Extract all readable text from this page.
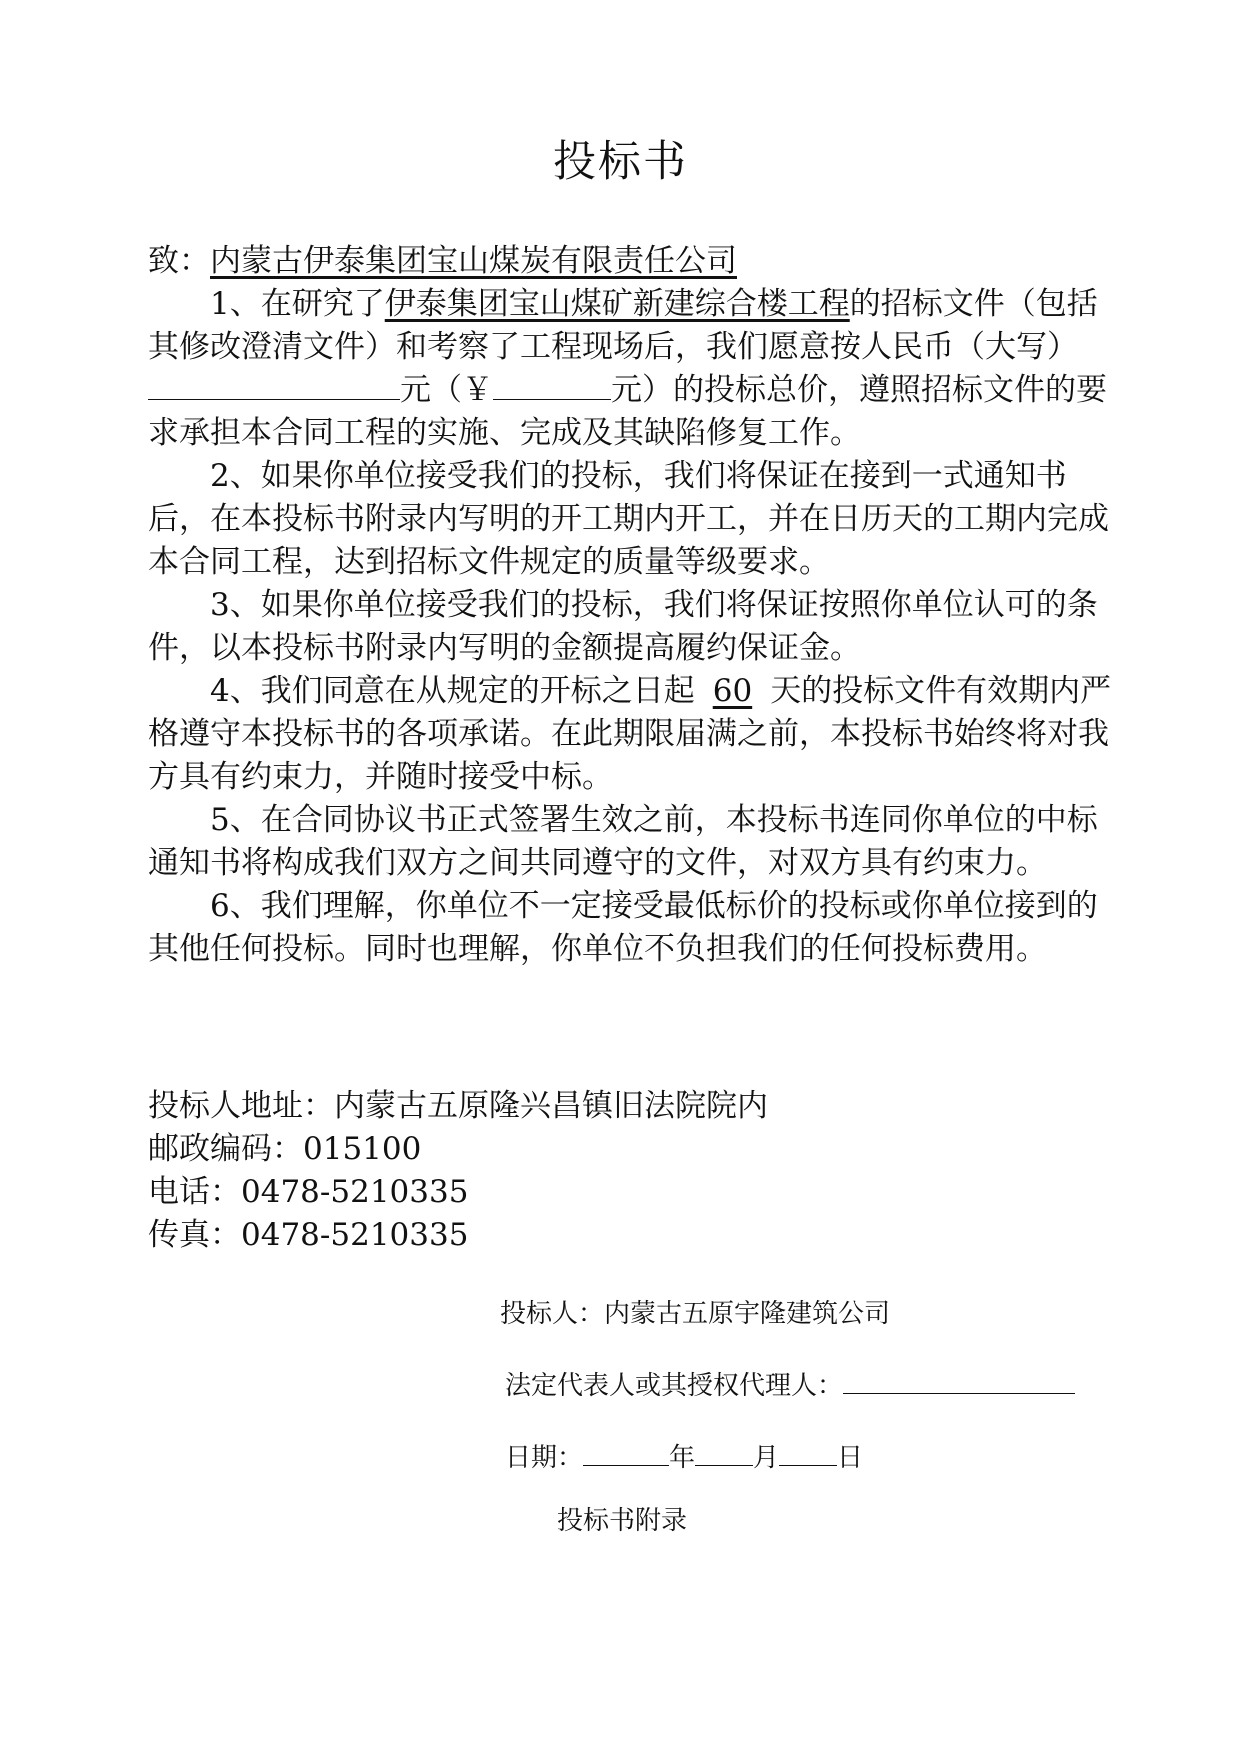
投标书

致：内蒙古伊泰集团宝山煤炭有限责任公司

1、在研究了伊泰集团宝山煤矿新建综合楼工程的招标文件（包括其修改澄清文件）和考察了工程现场后，我们愿意按人民币（大写）元（￥	元）的投标总价，遵照招标文件的要求承担本合同工程的实施、完成及其缺陷修复工作。

2、如果你单位接受我们的投标，我们将保证在接到一式通知书后，在本投标书附录内写明的开工期内开工，并在日历天的工期内完成本合同工程，达到招标文件规定的质量等级要求。

3、如果你单位接受我们的投标，我们将保证按照你单位认可的条件，以本投标书附录内写明的金额提高履约保证金。

4、我们同意在从规定的开标之日起 60 天的投标文件有效期内严格遵守本投标书的各项承诺。在此期限届满之前，本投标书始终将对我方具有约束力，并随时接受中标。

5、在合同协议书正式签署生效之前，本投标书连同你单位的中标通知书将构成我们双方之间共同遵守的文件，对双方具有约束力。

6、我们理解，你单位不一定接受最低标价的投标或你单位接到的其他任何投标。同时也理解，你单位不负担我们的任何投标费用。

投标人地址：内蒙古五原隆兴昌镇旧法院院内

邮政编码：015100

电话：0478-5210335

传真：0478-5210335

投标人：内蒙古五原宇隆建筑公司
法定代表人或其授权代理人：
日期：	年 月 日
投标书附录
